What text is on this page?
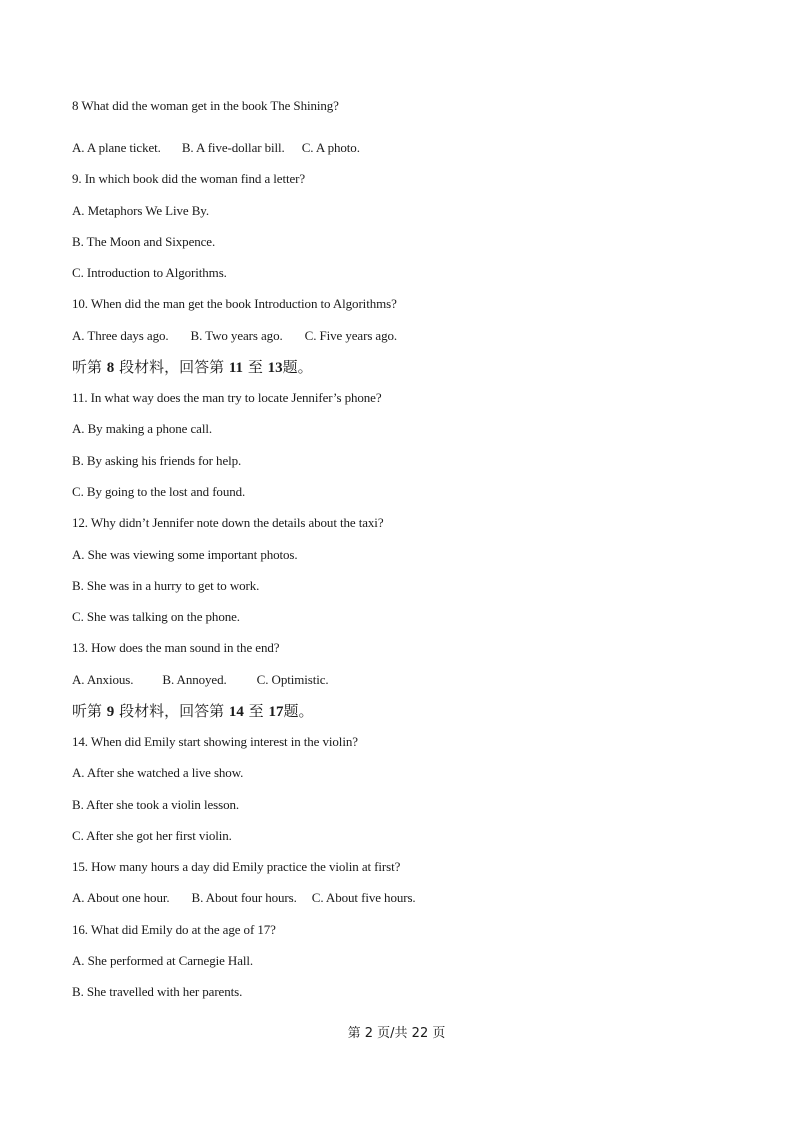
8 What did the woman get in the book The Shining?
A. A plane ticket. B. A five-dollar bill. C. A photo.
9. In which book did the woman find a letter?
A. Metaphors We Live By.
B. The Moon and Sixpence.
C. Introduction to Algorithms.
10. When did the man get the book Introduction to Algorithms?
A. Three days ago. B. Two years ago. C. Five years ago.
听第 8 段材料，回答第 11 至 13题。
11. In what way does the man try to locate Jennifer’s phone?
A. By making a phone call.
B. By asking his friends for help.
C. By going to the lost and found.
12. Why didn’t Jennifer note down the details about the taxi?
A. She was viewing some important photos.
B. She was in a hurry to get to work.
C. She was talking on the phone.
13. How does the man sound in the end?
A. Anxious. B. Annoyed. C. Optimistic.
听第 9 段材料，回答第 14 至 17题。
14. When did Emily start showing interest in the violin?
A. After she watched a live show.
B. After she took a violin lesson.
C. After she got her first violin.
15. How many hours a day did Emily practice the violin at first?
A. About one hour. B. About four hours. C. About five hours.
16. What did Emily do at the age of 17?
A. She performed at Carnegie Hall.
B. She travelled with her parents.
第 2 页/共 22 页
